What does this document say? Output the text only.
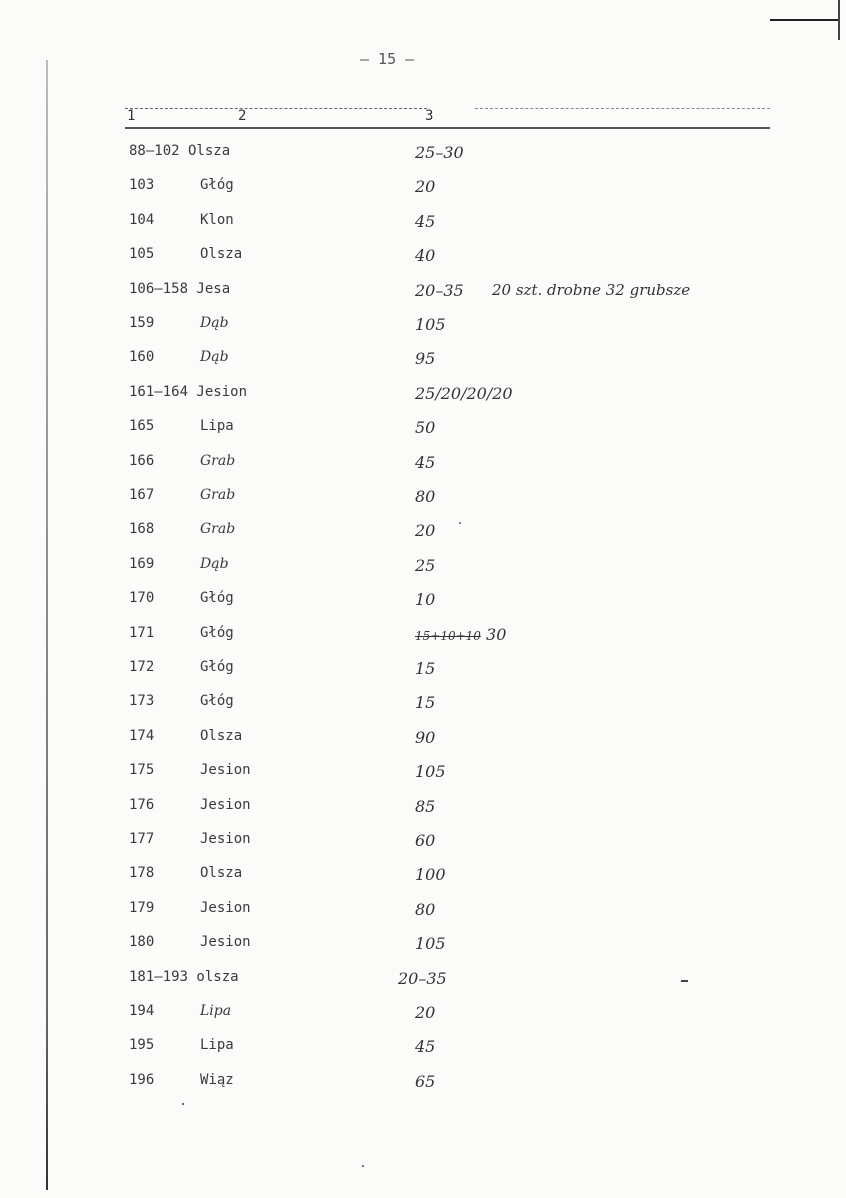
– 15 –
1	2	3
88–102 Olsza	25–30
103	Głóg	20
104	Klon	45
105	Olsza	40
106–158 Jesa	20–35 20 szt. drobne 32 grubsze
159	Dąb	105
160	Dąb	95
161–164 Jesion	25/20/20/20
165	Lipa	50
166	Grab	45
167	Grab	80
168	Grab	20
169	Dąb	25
170	Głóg	10
171	Głóg	15+10+10 30
172	Głóg	15
173	Głóg	15
174	Olsza	90
175	Jesion	105
176	Jesion	85
177	Jesion	60
178	Olsza	100
179	Jesion	80
180	Jesion	105
181–193 olsza	20–35
194	Lipa	20
195	Lipa	45
196	Wiąz	65
